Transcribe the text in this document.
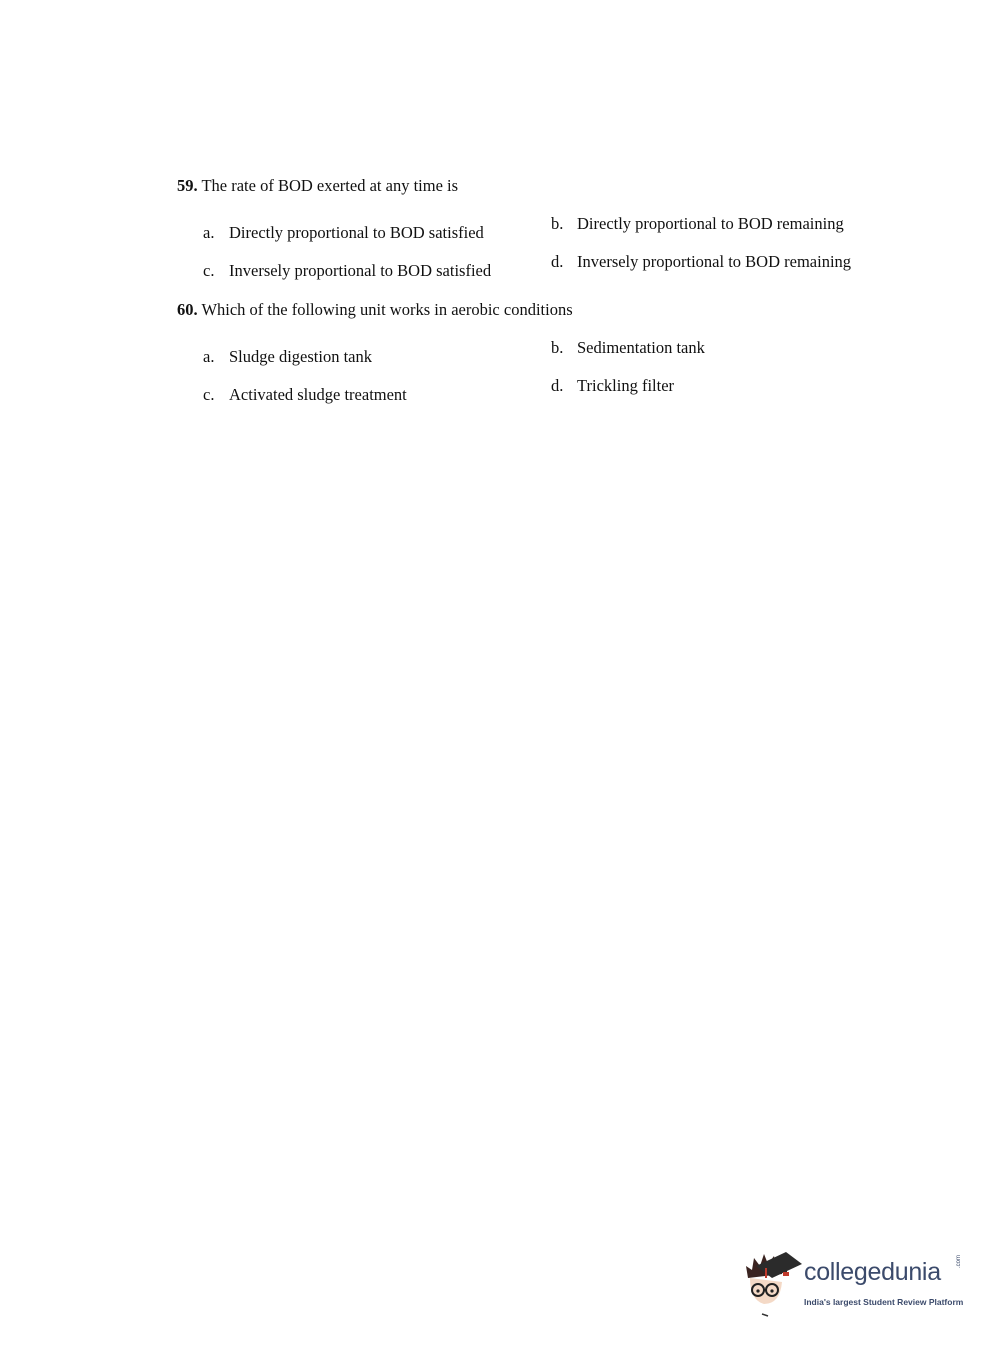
59. The rate of BOD exerted at any time is
a. Directly proportional to BOD satisfied	b. Directly proportional to BOD remaining
c. Inversely proportional to BOD satisfied	d. Inversely proportional to BOD remaining
60. Which of the following unit works in aerobic conditions
a. Sludge digestion tank	b. Sedimentation tank
c. Activated sludge treatment	d. Trickling filter
collegedunia	.com
India's largest Student Review Platform
